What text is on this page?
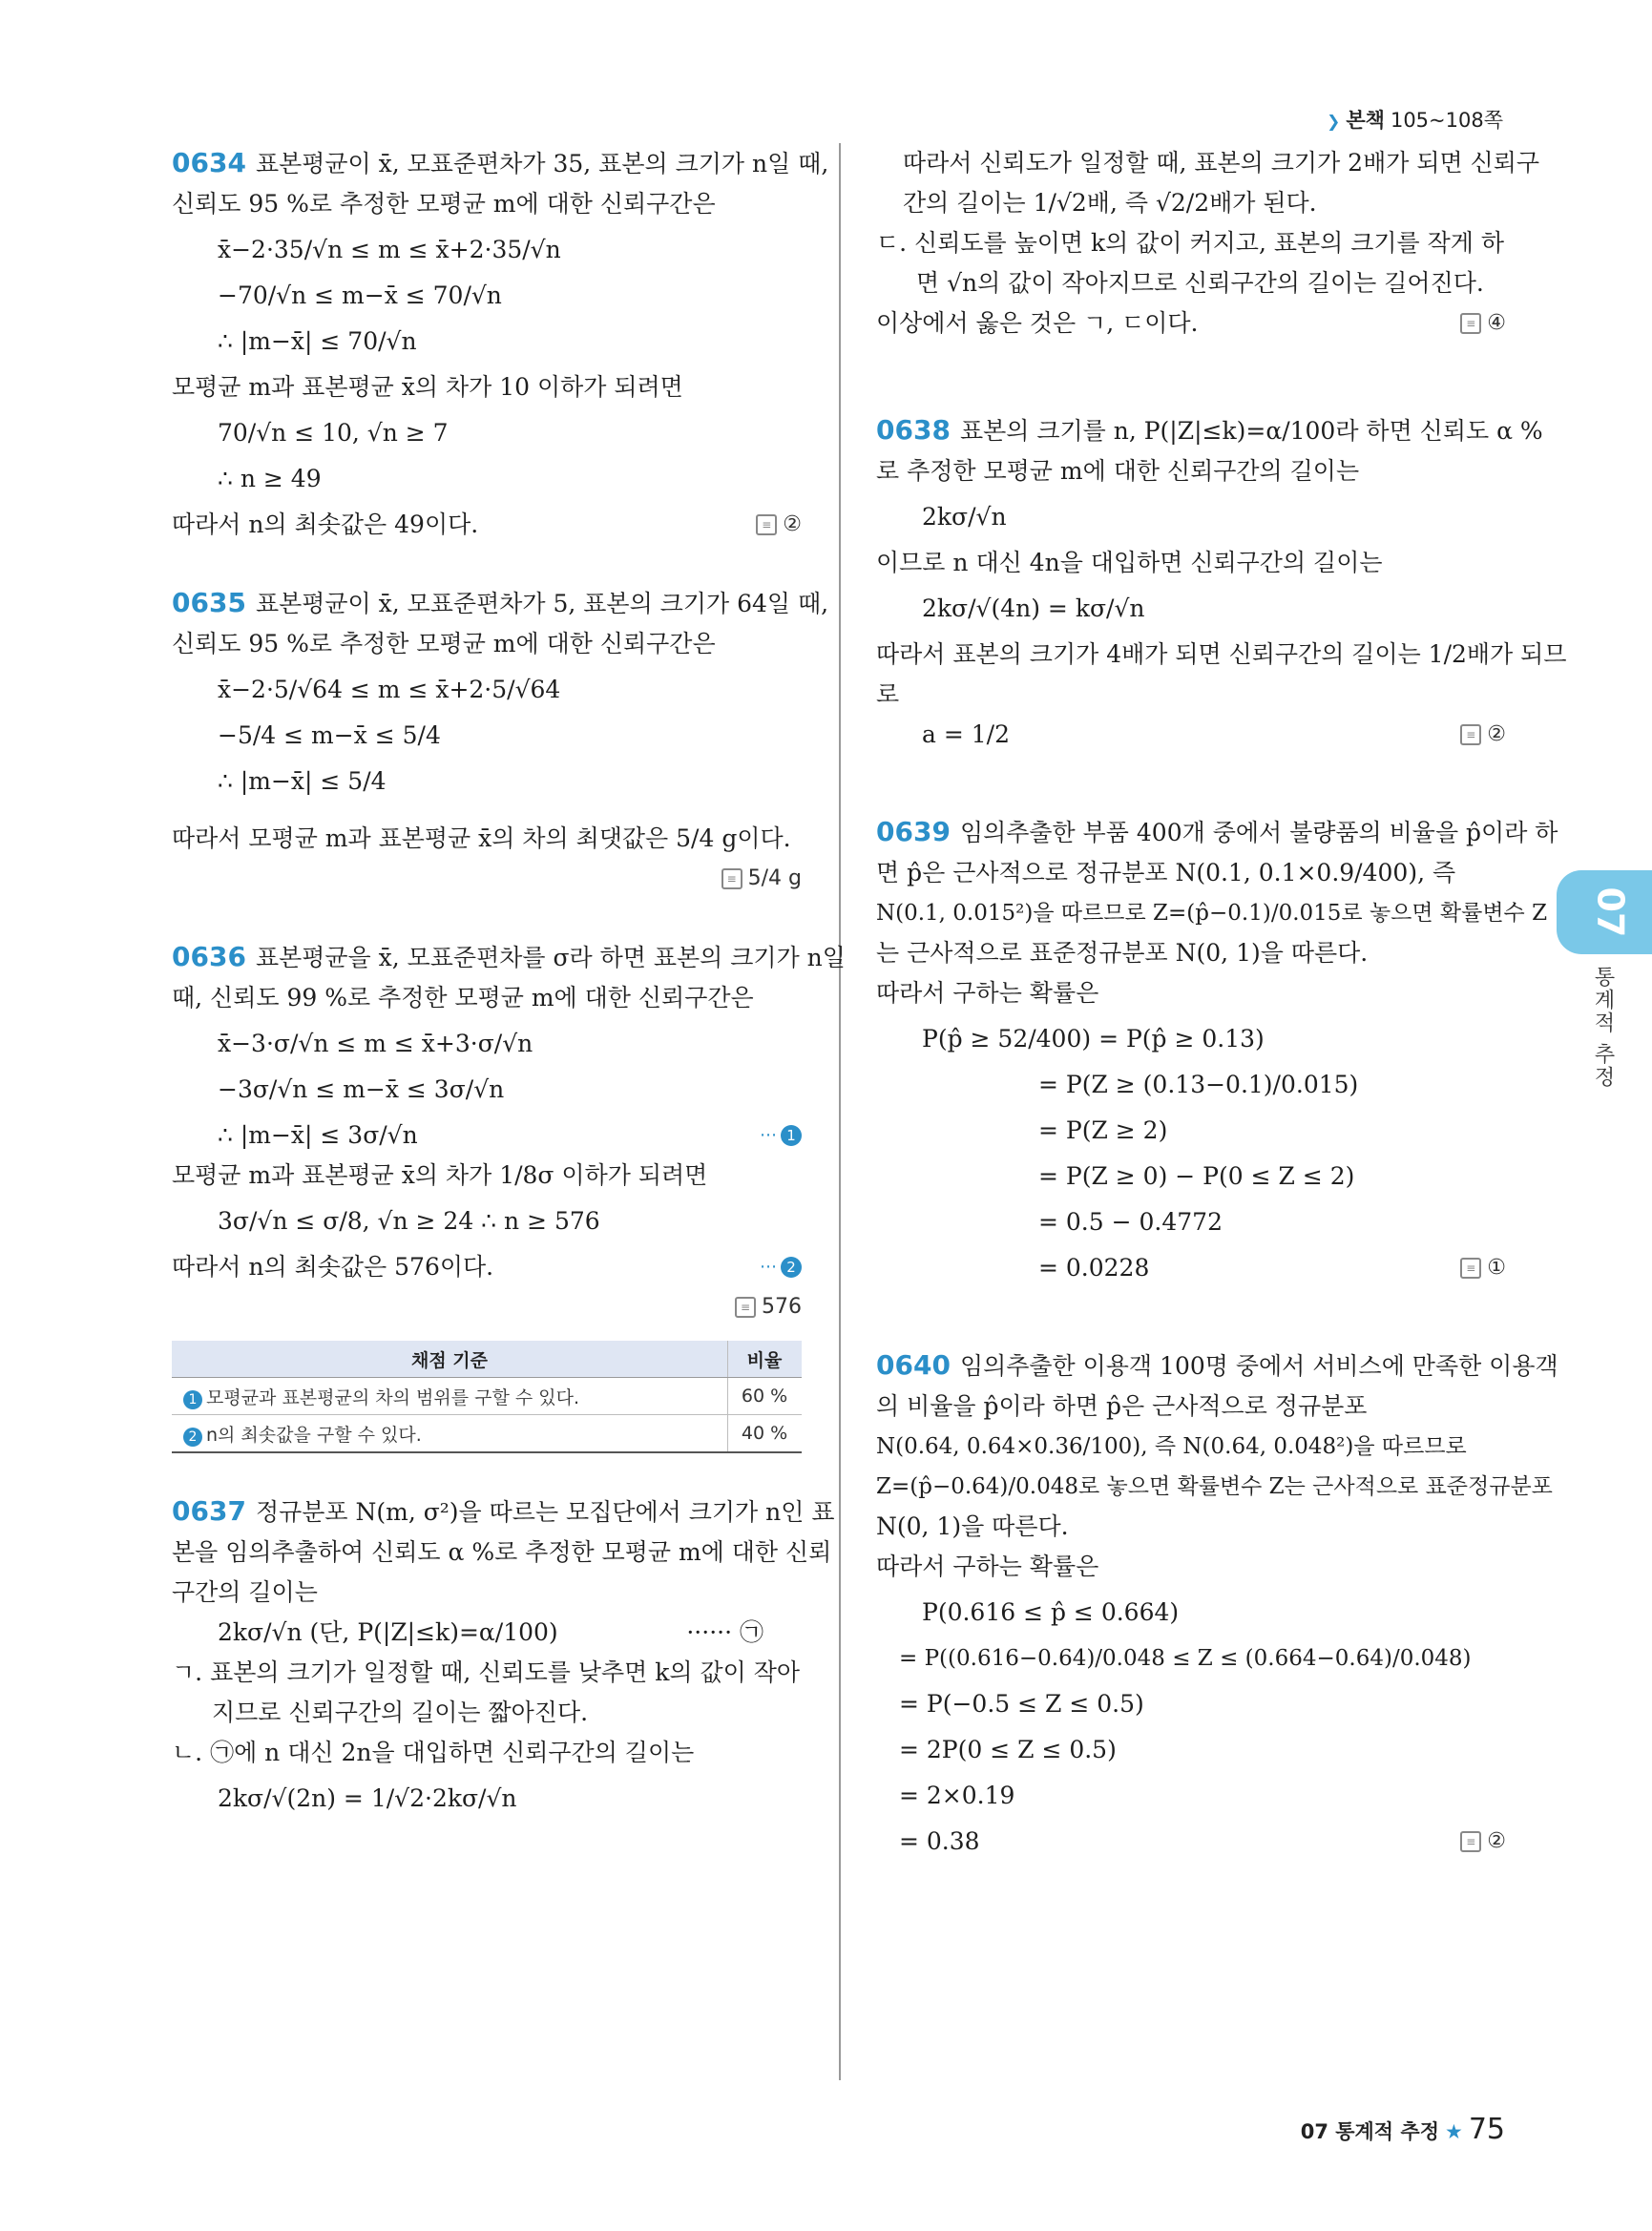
❯ 본책 105~108쪽

0634 표본평균이 x̄, 모표준편차가 35, 표본의 크기가 n일 때,

신뢰도 95 %로 추정한 모평균 m에 대한 신뢰구간은

x̄−2·35/√n ≤ m ≤ x̄+2·35/√n
−70/√n ≤ m−x̄ ≤ 70/√n
∴ |m−x̄| ≤ 70/√n

모평균 m과 표본평균 x̄의 차가 10 이하가 되려면

70/√n ≤ 10, √n ≥ 7
∴ n ≥ 49
따라서 n의 최솟값은 49이다.	≡ ②

0635 표본평균이 x̄, 모표준편차가 5, 표본의 크기가 64일 때,

신뢰도 95 %로 추정한 모평균 m에 대한 신뢰구간은

x̄−2·5/√64 ≤ m ≤ x̄+2·5/√64
−5/4 ≤ m−x̄ ≤ 5/4
∴ |m−x̄| ≤ 5/4

따라서 모평균 m과 표본평균 x̄의 차의 최댓값은 5/4 g이다.

≡ 5/4 g

0636 표본평균을 x̄, 모표준편차를 σ라 하면 표본의 크기가 n일

때, 신뢰도 99 %로 추정한 모평균 m에 대한 신뢰구간은

x̄−3·σ/√n ≤ m ≤ x̄+3·σ/√n
−3σ/√n ≤ m−x̄ ≤ 3σ/√n
∴ |m−x̄| ≤ 3σ/√n	⋯ 1

모평균 m과 표본평균 x̄의 차가 1/8σ 이하가 되려면

3σ/√n ≤ σ/8, √n ≥ 24 ∴ n ≥ 576
따라서 n의 최솟값은 576이다.	⋯ 2
≡ 576
채점 기준	비율
1 모평균과 표본평균의 차의 범위를 구할 수 있다.	60 %
2 n의 최솟값을 구할 수 있다.	40 %

0637 정규분포 N(m, σ²)을 따르는 모집단에서 크기가 n인 표

본을 임의추출하여 신뢰도 α %로 추정한 모평균 m에 대한 신뢰

구간의 길이는

2kσ/√n (단, P(|Z|≤k)=α/100)	······ ㉠

ㄱ. 표본의 크기가 일정할 때, 신뢰도를 낮추면 k의 값이 작아지므로 신뢰구간의 길이는 짧아진다.

ㄴ. ㉠에 n 대신 2n을 대입하면 신뢰구간의 길이는

2kσ/√(2n) = 1/√2·2kσ/√n

따라서 신뢰도가 일정할 때, 표본의 크기가 2배가 되면 신뢰구

간의 길이는 1/√2배, 즉 √2/2배가 된다.

ㄷ. 신뢰도를 높이면 k의 값이 커지고, 표본의 크기를 작게 하면 √n의 값이 작아지므로 신뢰구간의 길이는 길어진다.

이상에서 옳은 것은 ㄱ, ㄷ이다.	≡ ④

0638 표본의 크기를 n, P(|Z|≤k)=α/100라 하면 신뢰도 α %

로 추정한 모평균 m에 대한 신뢰구간의 길이는

2kσ/√n

이므로 n 대신 4n을 대입하면 신뢰구간의 길이는

2kσ/√(4n) = kσ/√n

따라서 표본의 크기가 4배가 되면 신뢰구간의 길이는 1/2배가 되므

로

a = 1/2	≡ ②

0639 임의추출한 부품 400개 중에서 불량품의 비율을 p̂이라 하

면 p̂은 근사적으로 정규분포 N(0.1, 0.1×0.9/400), 즉

N(0.1, 0.015²)을 따르므로 Z=(p̂−0.1)/0.015로 놓으면 확률변수 Z

는 근사적으로 표준정규분포 N(0, 1)을 따른다.

따라서 구하는 확률은

P(p̂ ≥ 52/400) = P(p̂ ≥ 0.13)
= P(Z ≥ (0.13−0.1)/0.015)
= P(Z ≥ 2)
= P(Z ≥ 0) − P(0 ≤ Z ≤ 2)
= 0.5 − 0.4772
= 0.0228	≡ ①

0640 임의추출한 이용객 100명 중에서 서비스에 만족한 이용객

의 비율을 p̂이라 하면 p̂은 근사적으로 정규분포

N(0.64, 0.64×0.36/100), 즉 N(0.64, 0.048²)을 따르므로

Z=(p̂−0.64)/0.048로 놓으면 확률변수 Z는 근사적으로 표준정규분포

N(0, 1)을 따른다.

따라서 구하는 확률은

P(0.616 ≤ p̂ ≤ 0.664)
= P((0.616−0.64)/0.048 ≤ Z ≤ (0.664−0.64)/0.048)
= P(−0.5 ≤ Z ≤ 0.5)
= 2P(0 ≤ Z ≤ 0.5)
= 2×0.19
= 0.38	≡ ②
07
통계적 추정
07 통계적 추정 ★ 75
